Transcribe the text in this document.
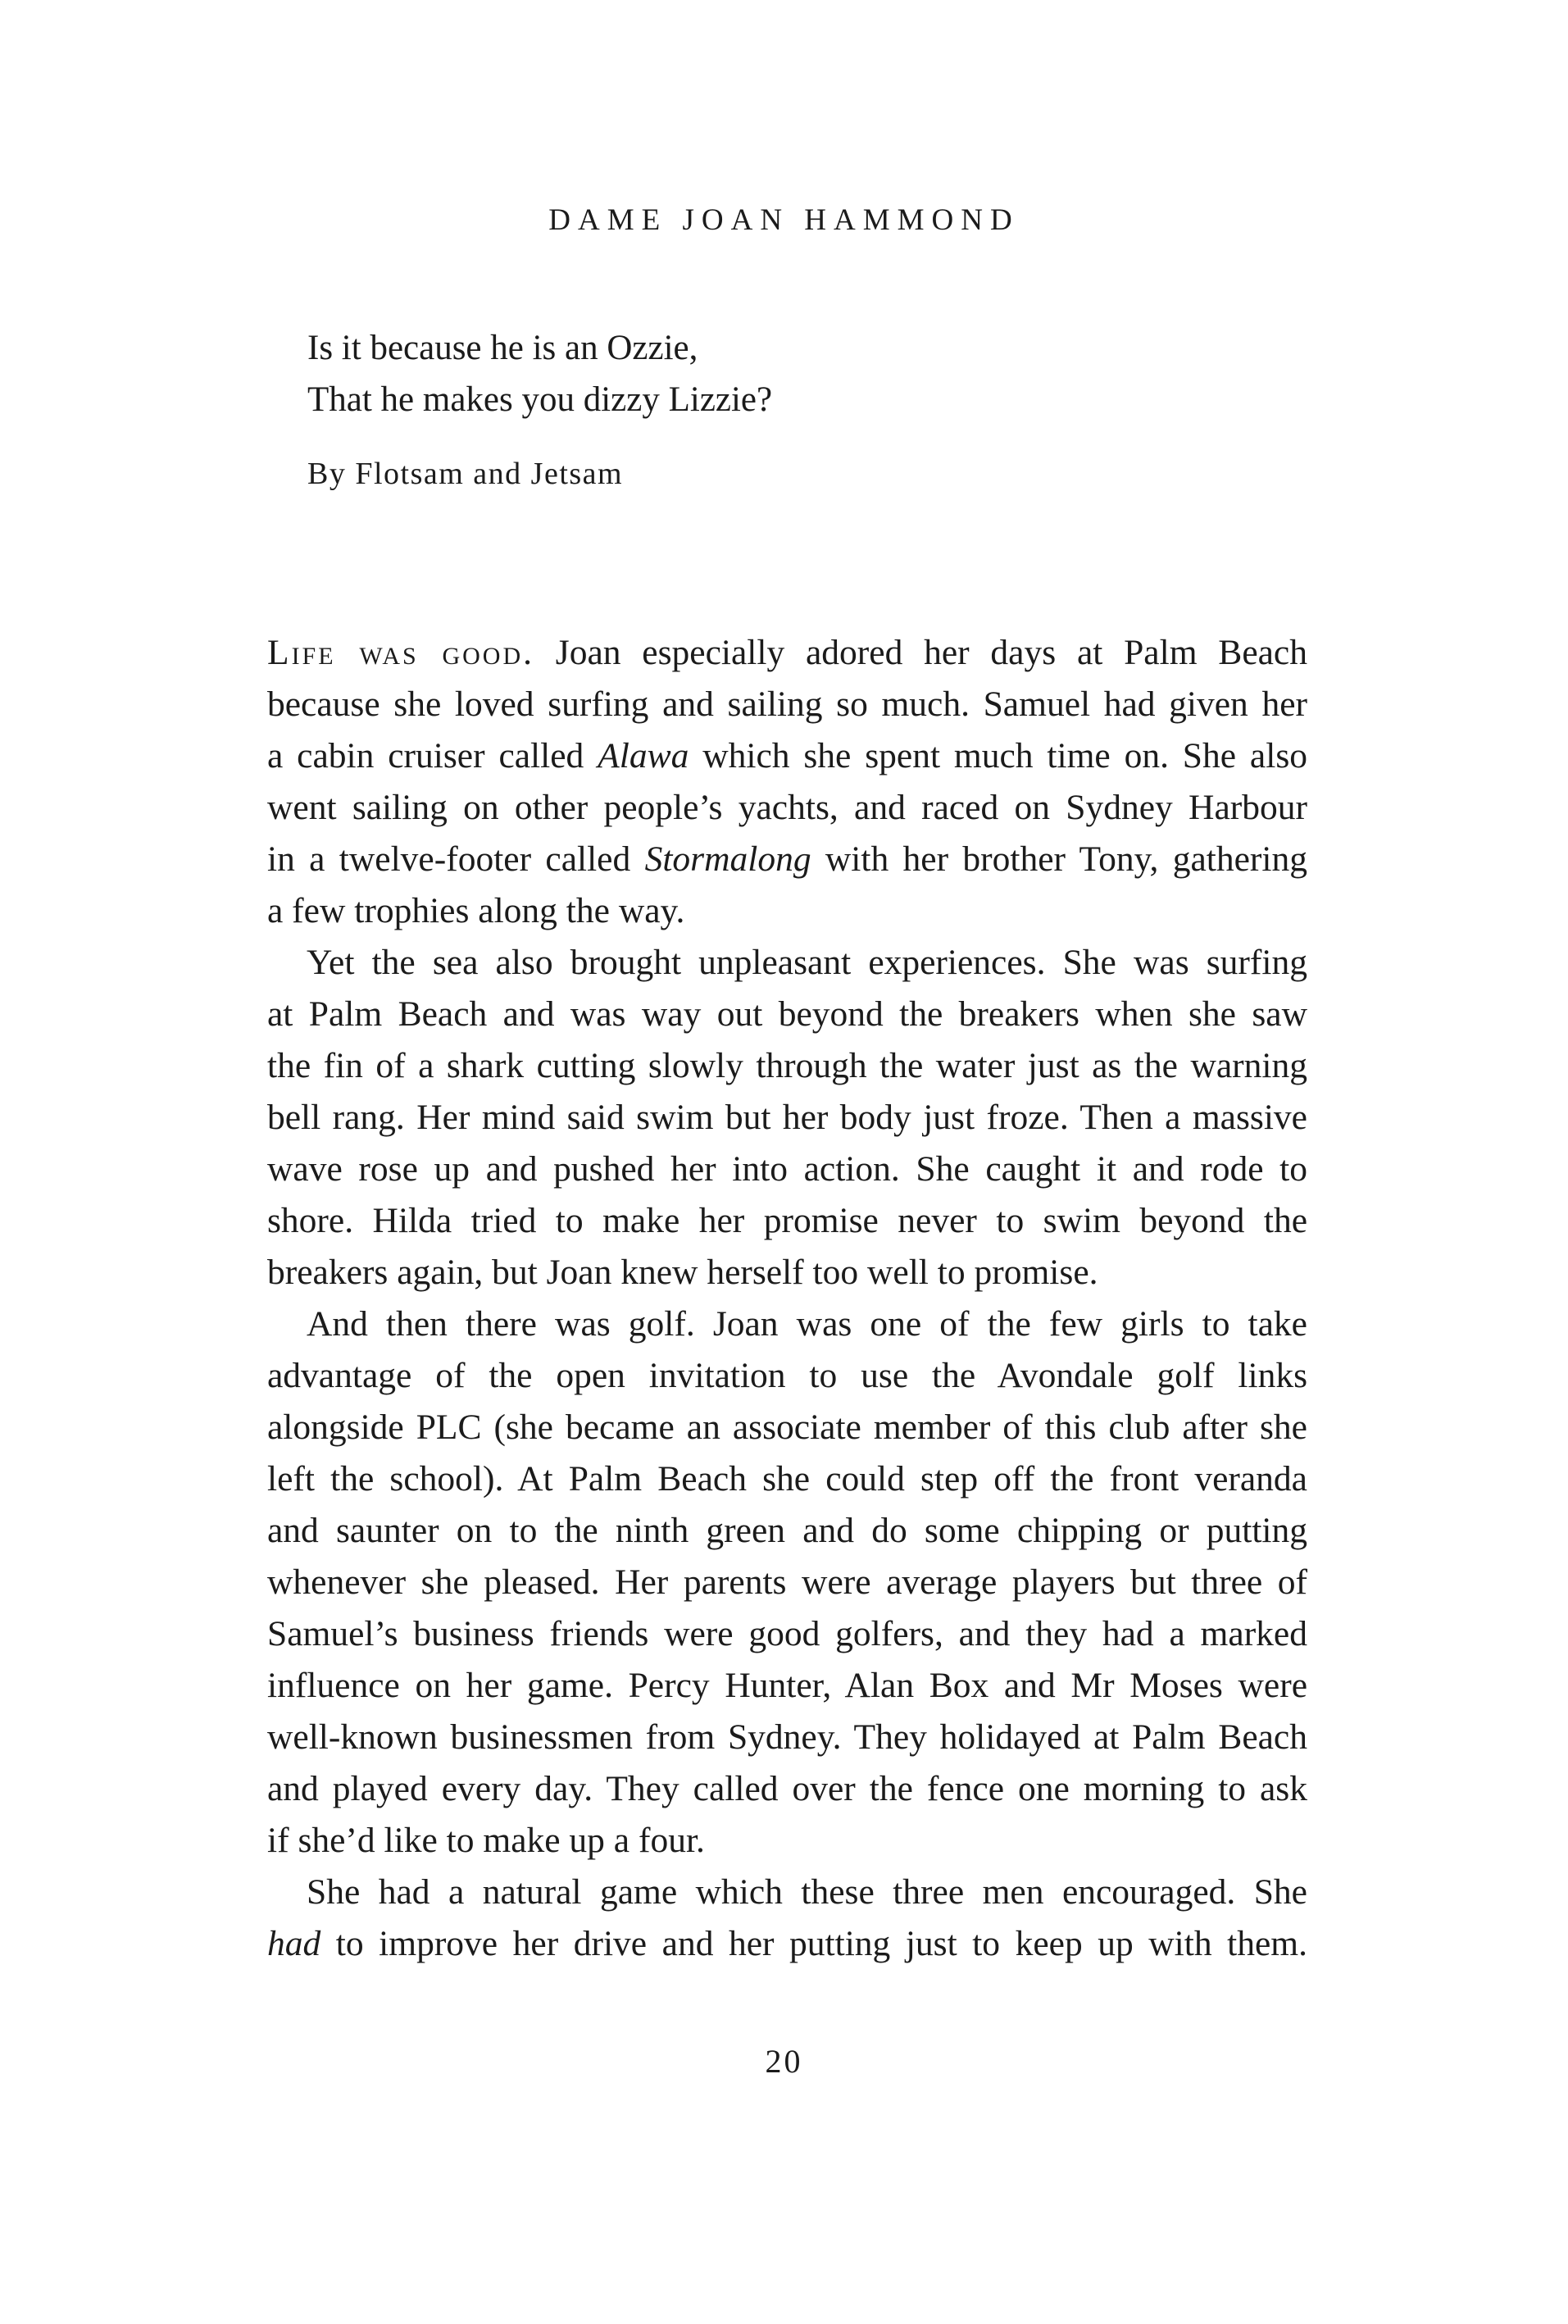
DAME JOAN HAMMOND
Is it because he is an Ozzie,
That he makes you dizzy Lizzie?
By Flotsam and Jetsam
Life was good. Joan especially adored her days at Palm Beach
because she loved surfing and sailing so much. Samuel had given her
a cabin cruiser called Alawa which she spent much time on. She also
went sailing on other people’s yachts, and raced on Sydney Harbour
in a twelve-footer called Stormalong with her brother Tony, gathering
a few trophies along the way.
Yet the sea also brought unpleasant experiences. She was surfing
at Palm Beach and was way out beyond the breakers when she saw
the fin of a shark cutting slowly through the water just as the warning
bell rang. Her mind said swim but her body just froze. Then a massive
wave rose up and pushed her into action. She caught it and rode to
shore. Hilda tried to make her promise never to swim beyond the
breakers again, but Joan knew herself too well to promise.
And then there was golf. Joan was one of the few girls to take
advantage of the open invitation to use the Avondale golf links
alongside PLC (she became an associate member of this club after she
left the school). At Palm Beach she could step off the front veranda
and saunter on to the ninth green and do some chipping or putting
whenever she pleased. Her parents were average players but three of
Samuel’s business friends were good golfers, and they had a marked
influence on her game. Percy Hunter, Alan Box and Mr Moses were
well-known businessmen from Sydney. They holidayed at Palm Beach
and played every day. They called over the fence one morning to ask
if she’d like to make up a four.
She had a natural game which these three men encouraged. She
had to improve her drive and her putting just to keep up with them.
20
